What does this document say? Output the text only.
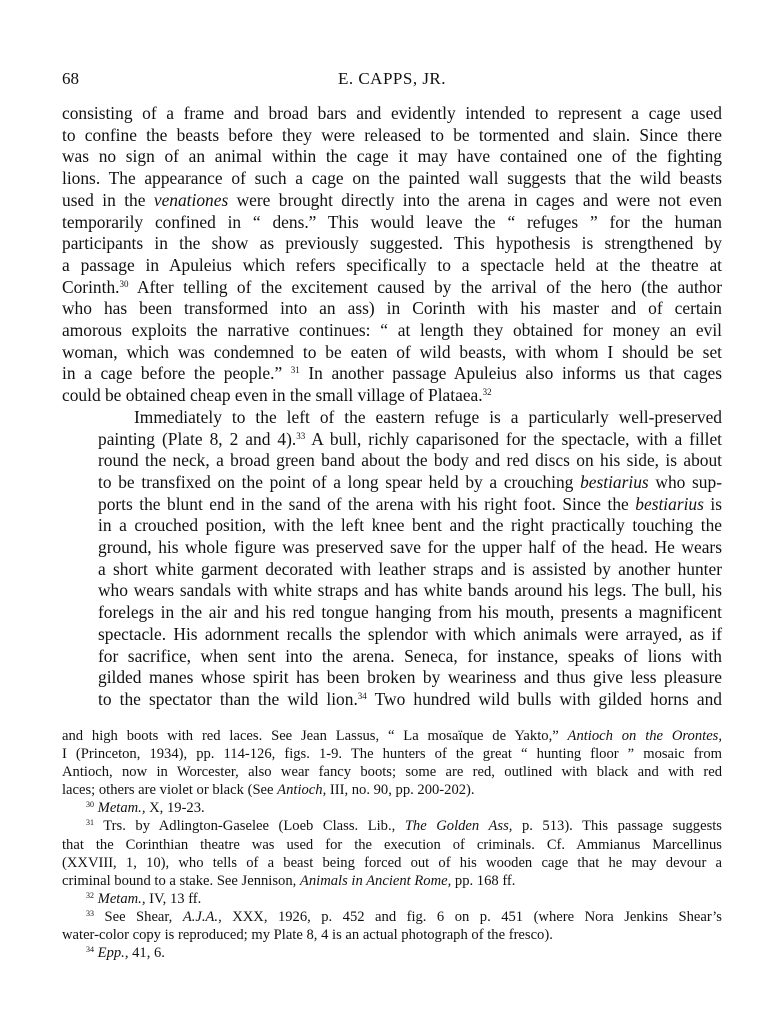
68	E. CAPPS, JR.

consisting of a frame and broad bars and evidently intended to represent a cage used
to confine the beasts before they were released to be tormented and slain. Since there
was no sign of an animal within the cage it may have contained one of the fighting
lions. The appearance of such a cage on the painted wall suggests that the wild beasts
used in the venationes were brought directly into the arena in cages and were not even
temporarily confined in “ dens.” This would leave the “ refuges ” for the human
participants in the show as previously suggested. This hypothesis is strengthened by
a passage in Apuleius which refers specifically to a spectacle held at the theatre at
Corinth.$^{30}$ After telling of the excitement caused by the arrival of the hero (the author
who has been transformed into an ass) in Corinth with his master and of certain
amorous exploits the narrative continues: “ at length they obtained for money an evil
woman, which was condemned to be eaten of wild beasts, with whom I should be set
in a cage before the people.” $^{31}$ In another passage Apuleius also informs us that cages
could be obtained cheap even in the small village of Plataea.$^{32}$

Immediately to the left of the eastern refuge is a particularly well-preserved
painting (Plate 8, 2 and 4).$^{33}$ A bull, richly caparisoned for the spectacle, with a fillet
round the neck, a broad green band about the body and red discs on his side, is about
to be transfixed on the point of a long spear held by a crouching bestiarius who sup-
ports the blunt end in the sand of the arena with his right foot. Since the bestiarius is
in a crouched position, with the left knee bent and the right practically touching the
ground, his whole figure was preserved save for the upper half of the head. He wears
a short white garment decorated with leather straps and is assisted by another hunter
who wears sandals with white straps and has white bands around his legs. The bull, his
forelegs in the air and his red tongue hanging from his mouth, presents a magnificent
spectacle. His adornment recalls the splendor with which animals were arrayed, as if
for sacrifice, when sent into the arena. Seneca, for instance, speaks of lions with
gilded manes whose spirit has been broken by weariness and thus give less pleasure
to the spectator than the wild lion.$^{34}$ Two hundred wild bulls with gilded horns and

and high boots with red laces. See Jean Lassus, “ La mosaïque de Yakto,” Antioch on the Orontes,
I (Princeton, 1934), pp. 114-126, figs. 1-9. The hunters of the great “ hunting floor ” mosaic from
Antioch, now in Worcester, also wear fancy boots; some are red, outlined with black and with red
laces; others are violet or black (See Antioch, III, no. 90, pp. 200-202).
$^{30}$ Metam., X, 19-23.
$^{31}$ Trs. by Adlington-Gaselee (Loeb Class. Lib., The Golden Ass, p. 513). This passage suggests
that the Corinthian theatre was used for the execution of criminals. Cf. Ammianus Marcellinus
(XXVIII, 1, 10), who tells of a beast being forced out of his wooden cage that he may devour a
criminal bound to a stake. See Jennison, Animals in Ancient Rome, pp. 168 ff.
$^{32}$ Metam., IV, 13 ff.
$^{33}$ See Shear, A.J.A., XXX, 1926, p. 452 and fig. 6 on p. 451 (where Nora Jenkins Shear’s
water-color copy is reproduced; my Plate 8, 4 is an actual photograph of the fresco).
$^{34}$ Epp., 41, 6.
